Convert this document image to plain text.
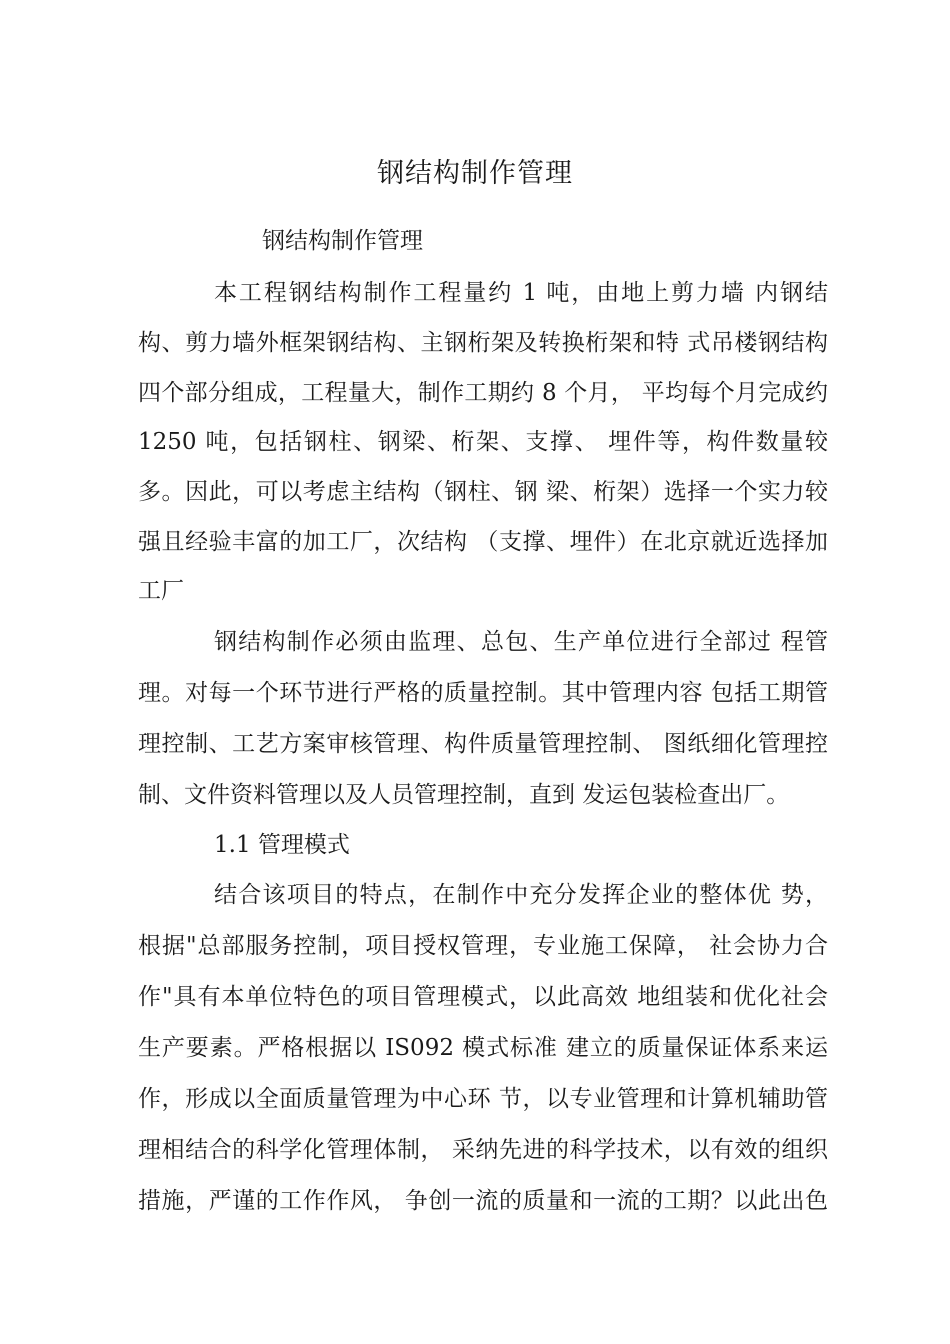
钢结构制作管理

钢结构制作管理

本工程钢结构制作工程量约 1 吨，由地上剪力墙 内钢结

构、剪力墙外框架钢结构、主钢桁架及转换桁架和特 式吊楼钢结构

四个部分组成，工程量大，制作工期约 8 个月， 平均每个月完成约

1250 吨，包括钢柱、钢梁、桁架、支撑、 埋件等，构件数量较

多。因此，可以考虑主结构（钢柱、钢 梁、桁架）选择一个实力较

强且经验丰富的加工厂，次结构 （支撑、埋件）在北京就近选择加

工厂

钢结构制作必须由监理、总包、生产单位进行全部过 程管

理。对每一个环节进行严格的质量控制。其中管理内容 包括工期管

理控制、工艺方案审核管理、构件质量管理控制、 图纸细化管理控

制、文件资料管理以及人员管理控制，直到 发运包装检查出厂。

1.1 管理模式

结合该项目的特点，在制作中充分发挥企业的整体优 势，

根据"总部服务控制，项目授权管理，专业施工保障， 社会协力合

作"具有本单位特色的项目管理模式，以此高效 地组装和优化社会

生产要素。严格根据以 IS092 模式标准 建立的质量保证体系来运

作，形成以全面质量管理为中心环 节，以专业管理和计算机辅助管

理相结合的科学化管理体制， 采纳先进的科学技术，以有效的组织

措施，严谨的工作作风， 争创一流的质量和一流的工期？以此出色
